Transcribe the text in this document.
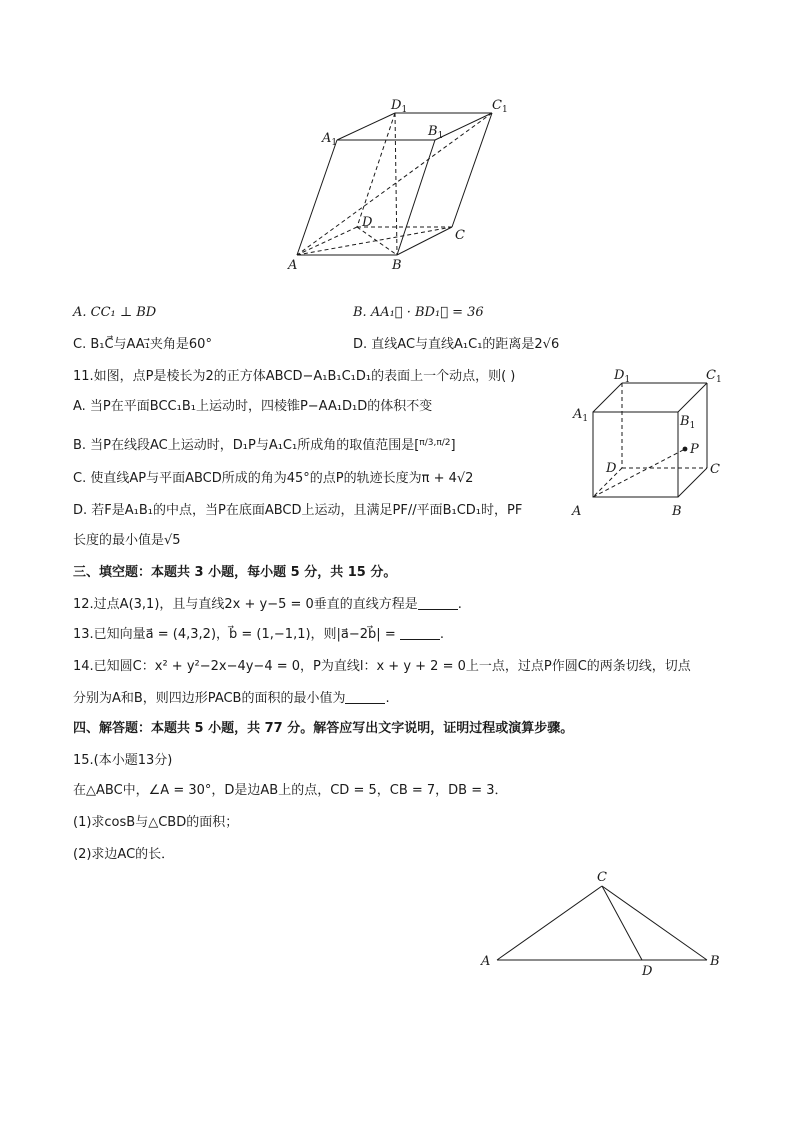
A	B
C
D
$A_1$
$B_1$
$C_1$
$D_1$
A. CC₁ ⊥ BD	B. AA₁⃗ · BD₁⃗ = 36
C. B₁C⃗与AA₁⃗夹角是60°	D. 直线AC与直线A₁C₁的距离是2√6
11.如图，点P是棱长为2的正方体ABCD−A₁B₁C₁D₁的表面上一个动点，则( )
A. 当P在平面BCC₁B₁上运动时，四棱锥P−AA₁D₁D的体积不变
B. 当P在线段AC上运动时，D₁P与A₁C₁所成角的取值范围是[$^{\pi/3,\pi/2}$]
C. 使直线AP与平面ABCD所成的角为45°的点P的轨迹长度为π + 4√2
D. 若F是A₁B₁的中点，当P在底面ABCD上运动，且满足PF//平面B₁CD₁时，PF
长度的最小值是√5
A	B
C
D
P
$A_1$	$B_1$
$C_1$
$D_1$
三、填空题：本题共 3 小题，每小题 5 分，共 15 分。
12.过点A(3,1)，且与直线2x + y−5 = 0垂直的直线方程是	.
13.已知向量a⃗ = (4,3,2)，b⃗ = (1,−1,1)，则|a⃗−2b⃗| =	.
14.已知圆C：x² + y²−2x−4y−4 = 0，P为直线l：x + y + 2 = 0上一点，过点P作圆C的两条切线，切点
分别为A和B，则四边形PACB的面积的最小值为	.
四、解答题：本题共 5 小题，共 77 分。解答应写出文字说明，证明过程或演算步骤。
15.(本小题13分)
在△ABC中，∠A = 30°，D是边AB上的点，CD = 5，CB = 7，DB = 3．
(1)求cosB与△CBD的面积；
(2)求边AC的长．
A	B
C
D
